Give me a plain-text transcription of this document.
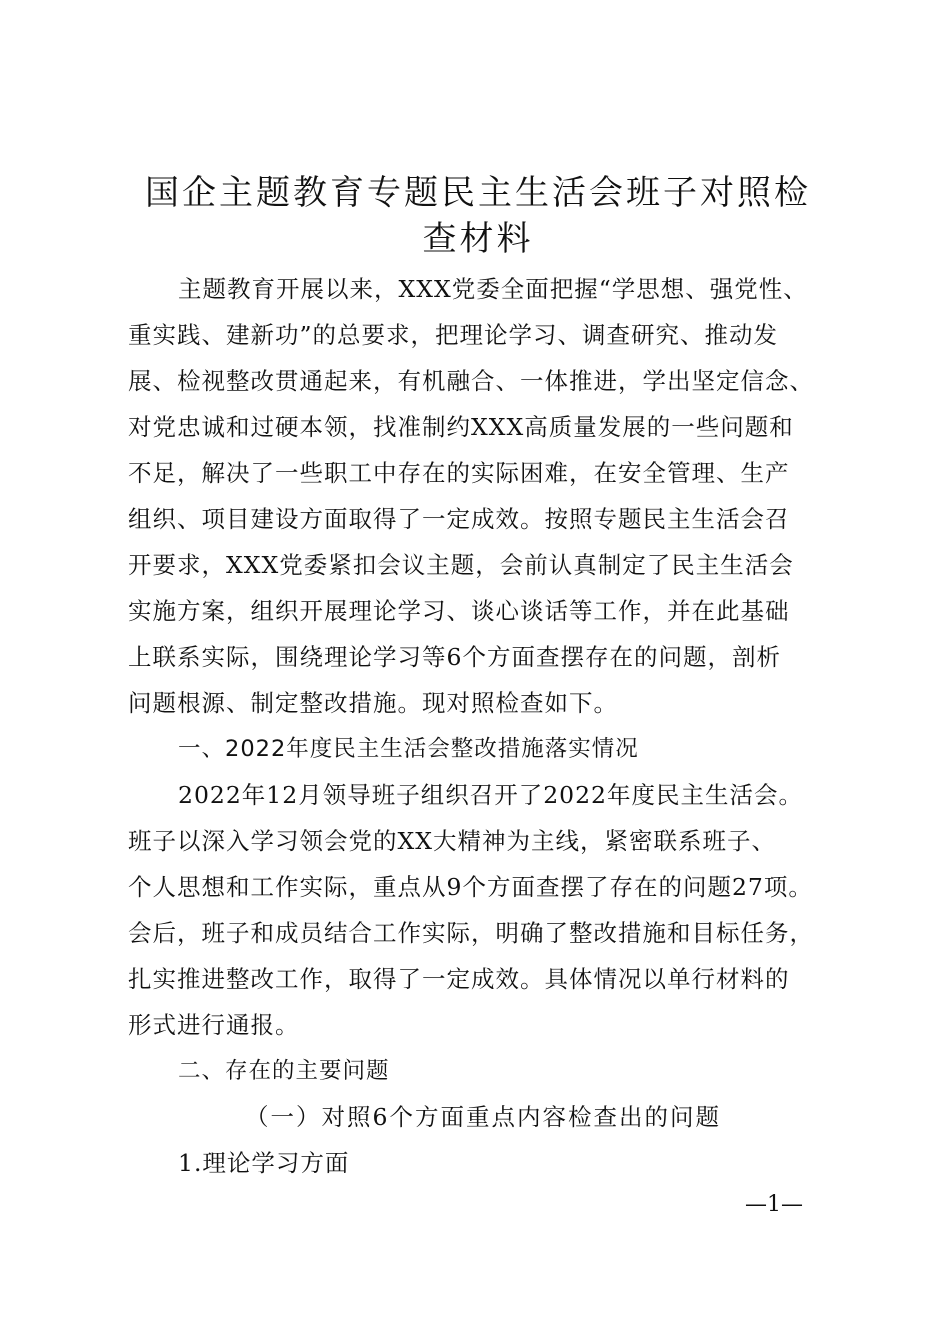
国企主题教育专题民主生活会班子对照检查材料

主题教育开展以来，XXX党委全面把握“学思想、强党性、

重实践、建新功”的总要求，把理论学习、调查研究、推动发

展、检视整改贯通起来，有机融合、一体推进，学出坚定信念、

对党忠诚和过硬本领，找准制约XXX高质量发展的一些问题和

不足，解决了一些职工中存在的实际困难，在安全管理、生产

组织、项目建设方面取得了一定成效。按照专题民主生活会召

开要求，XXX党委紧扣会议主题，会前认真制定了民主生活会

实施方案，组织开展理论学习、谈心谈话等工作，并在此基础

上联系实际，围绕理论学习等6个方面查摆存在的问题，剖析

问题根源、制定整改措施。现对照检查如下。

一、2022年度民主生活会整改措施落实情况

2022年12月领导班子组织召开了2022年度民主生活会。

班子以深入学习领会党的XX大精神为主线，紧密联系班子、

个人思想和工作实际，重点从9个方面查摆了存在的问题27项。

会后，班子和成员结合工作实际，明确了整改措施和目标任务，

扎实推进整改工作，取得了一定成效。具体情况以单行材料的

形式进行通报。

二、存在的主要问题

（一）对照6个方面重点内容检查出的问题

1.理论学习方面

—1—
